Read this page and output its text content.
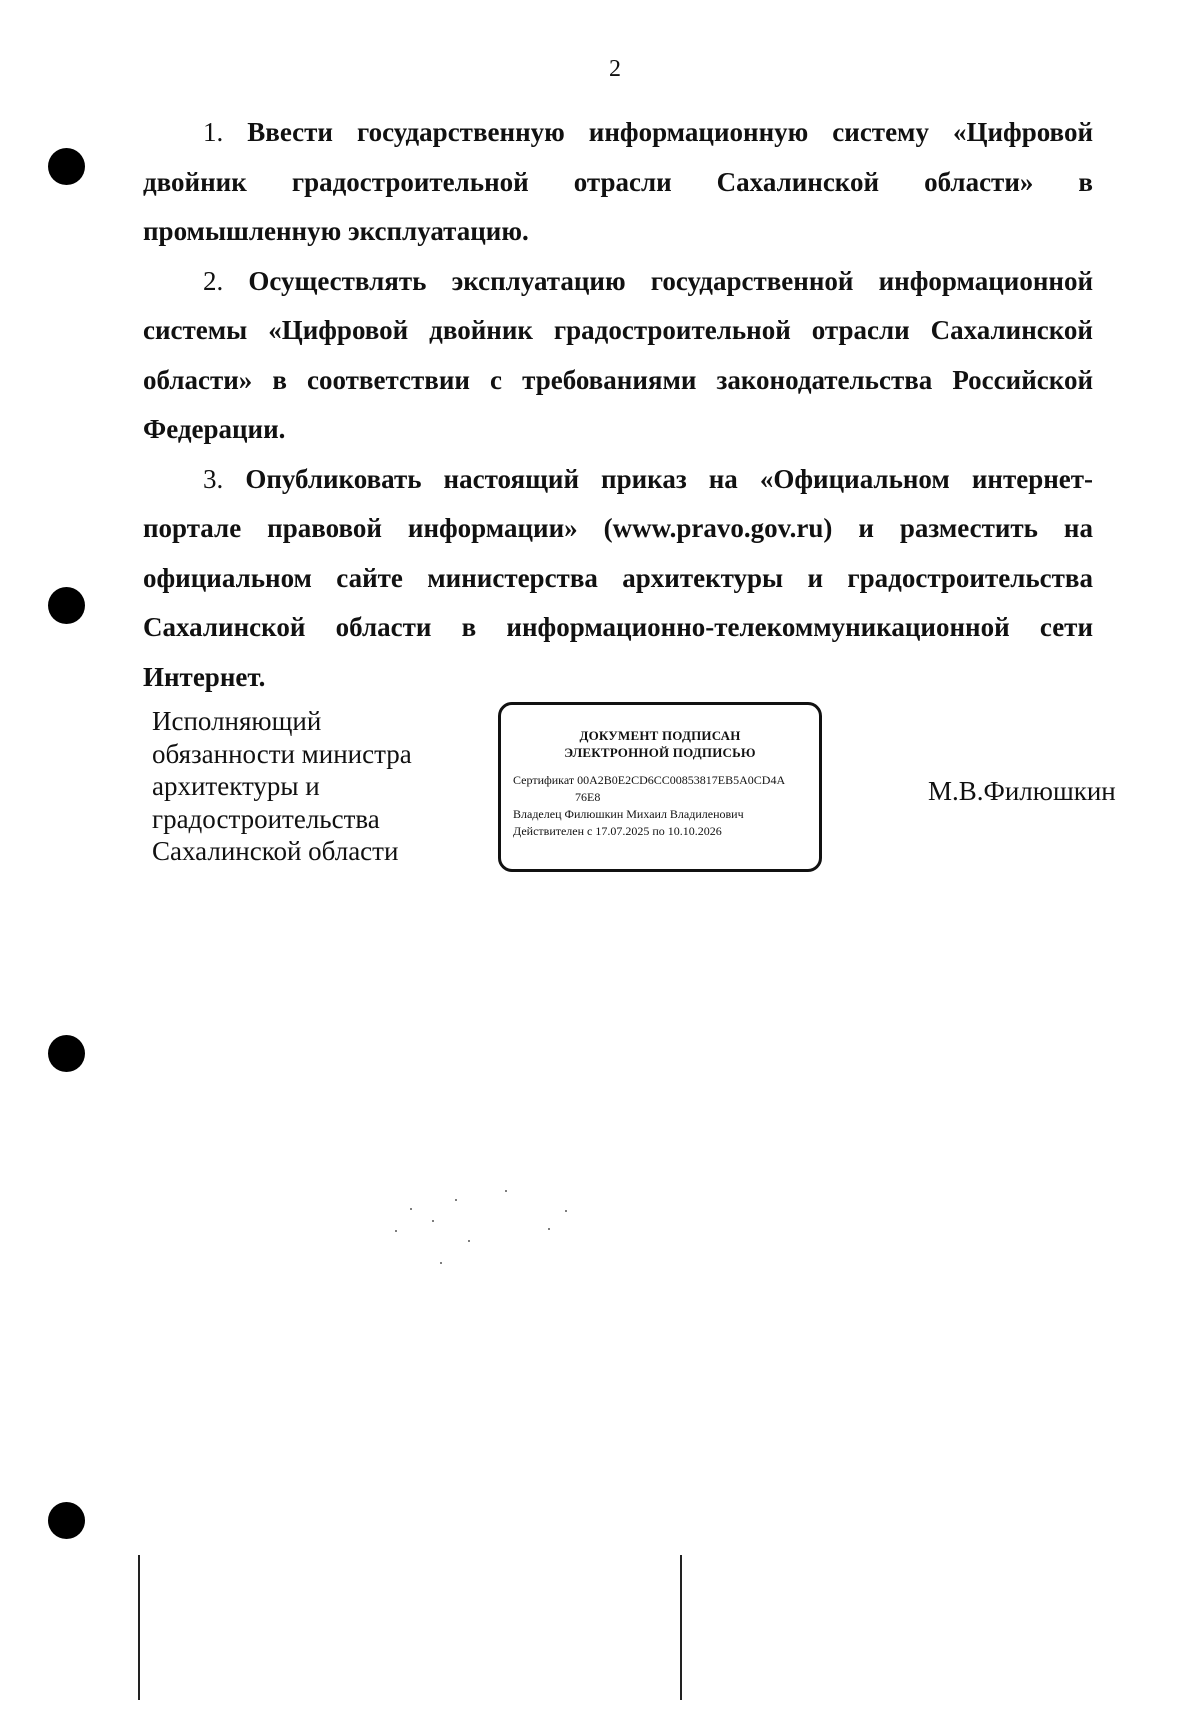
2

1. Ввести государственную информационную систему «Цифровой двойник градостроительной отрасли Сахалинской области» в промышленную эксплуатацию.

2. Осуществлять эксплуатацию государственной информационной системы «Цифровой двойник градостроительной отрасли Сахалинской области» в соответствии с требованиями законодательства Российской Федерации.

3. Опубликовать настоящий приказ на «Официальном интернет-портале правовой информации» (www.pravo.gov.ru) и разместить на официальном сайте министерства архитектуры и градостроительства Сахалинской области в информационно-телекоммуникационной сети Интернет.

Исполняющий
обязанности министра
архитектуры и
градостроительства
Сахалинской области
ДОКУМЕНТ ПОДПИСАН
ЭЛЕКТРОННОЙ ПОДПИСЬЮ
Сертификат 00A2B0E2CD6CC00853817EB5A0CD4A
76E8
Владелец Филюшкин Михаил Владиленович
Действителен с 17.07.2025 по 10.10.2026
М.В.Филюшкин
